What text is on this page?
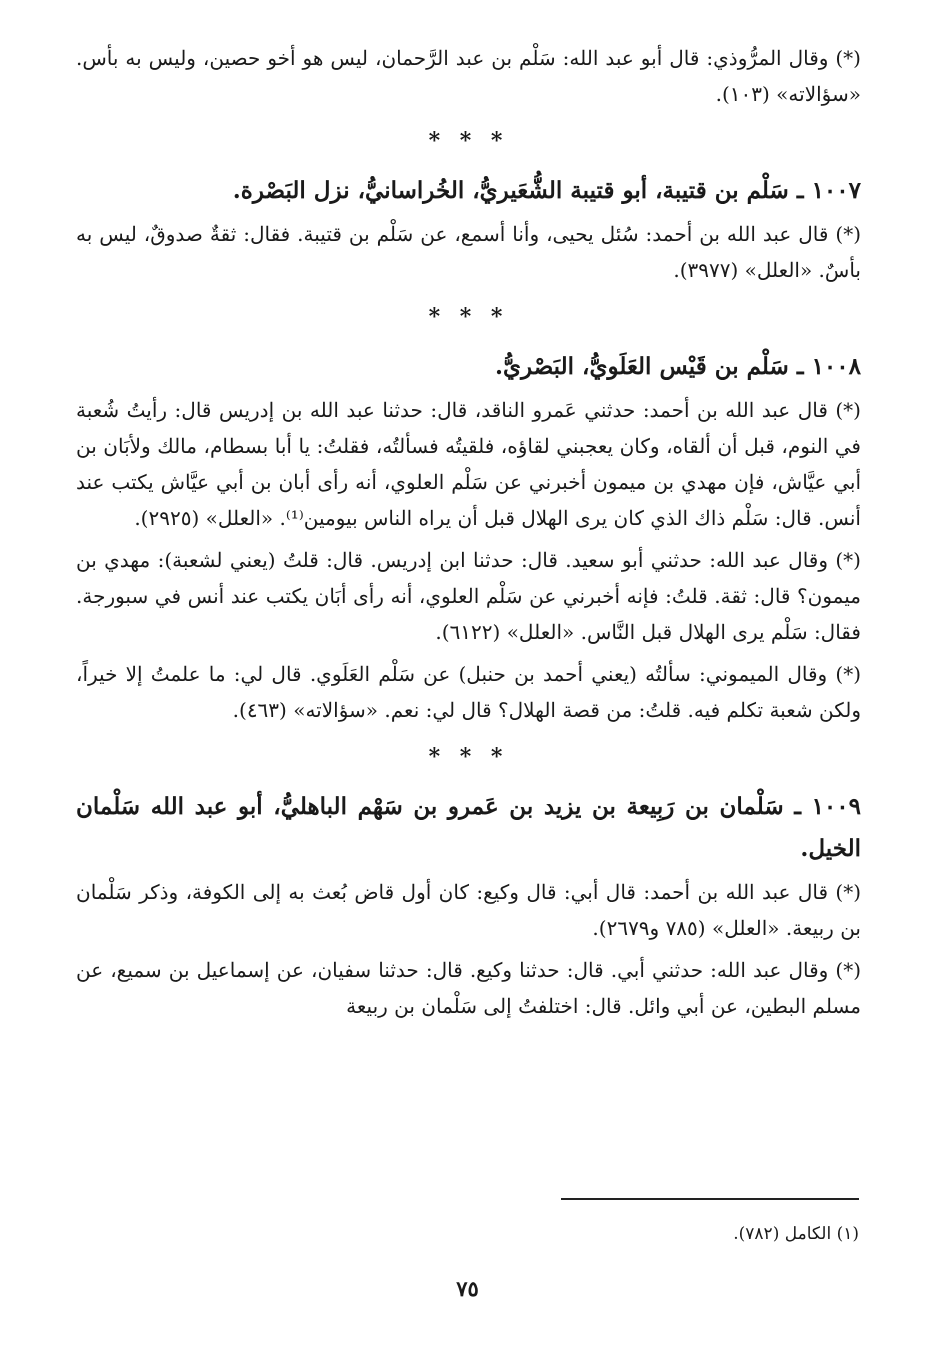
(*) وقال المرُّوذي: قال أبو عبد الله: سَلْم بن عبد الرَّحمان، ليس هو أخو حصين، وليس به بأس. «سؤالاته» (١٠٣).

* * *
١٠٠٧ ـ سَلْم بن قتيبة، أبو قتيبة الشُّعَيريُّ، الخُراسانيُّ، نزل البَصْرة.

(*) قال عبد الله بن أحمد: سُئل يحيى، وأنا أسمع، عن سَلْم بن قتيبة. فقال: ثقةٌ صدوقٌ، ليس به بأسٌ. «العلل» (٣٩٧٧).

* * *
١٠٠٨ ـ سَلْم بن قَيْس العَلَويُّ، البَصْريُّ.

(*) قال عبد الله بن أحمد: حدثني عَمرو الناقد، قال: حدثنا عبد الله بن إدريس قال: رأيتُ شُعبة في النوم، قبل أن ألقاه، وكان يعجبني لقاؤه، فلقيتُه فسألتُه، فقلتُ: يا أبا بسطام، مالك ولأبَان بن أبي عيَّاش، فإن مهدي بن ميمون أخبرني عن سَلْم العلوي، أنه رأى أبان بن أبي عيَّاش يكتب عند أنس. قال: سَلْم ذاك الذي كان يرى الهلال قبل أن يراه الناس بيومين⁽¹⁾. «العلل» (٢٩٢٥).

(*) وقال عبد الله: حدثني أبو سعيد. قال: حدثنا ابن إدريس. قال: قلتُ (يعني لشعبة): مهدي بن ميمون؟ قال: ثقة. قلتُ: فإنه أخبرني عن سَلْم العلوي، أنه رأى أبَان يكتب عند أنس في سبورجة. فقال: سَلْم يرى الهلال قبل النَّاس. «العلل» (٦١٢٢).

(*) وقال الميموني: سألتُه (يعني أحمد بن حنبل) عن سَلْم العَلَوي. قال لي: ما علمتُ إلا خيراً، ولكن شعبة تكلم فيه. قلتُ: من قصة الهلال؟ قال لي: نعم. «سؤالاته» (٤٦٣).

* * *
١٠٠٩ ـ سَلْمان بن رَبِيعة بن يزيد بن عَمرو بن سَهْم الباهليُّ، أبو عبد الله سَلْمان الخيل.

(*) قال عبد الله بن أحمد: قال أبي: قال وكيع: كان أول قاض بُعث به إلى الكوفة، وذكر سَلْمان بن ربيعة. «العلل» (٧٨٥ و٢٦٧٩).

(*) وقال عبد الله: حدثني أبي. قال: حدثنا وكيع. قال: حدثنا سفيان، عن إسماعيل بن سميع، عن مسلم البطين، عن أبي وائل. قال: اختلفتُ إلى سَلْمان بن ربيعة

(١) الكامل (٧٨٢).
٧٥
